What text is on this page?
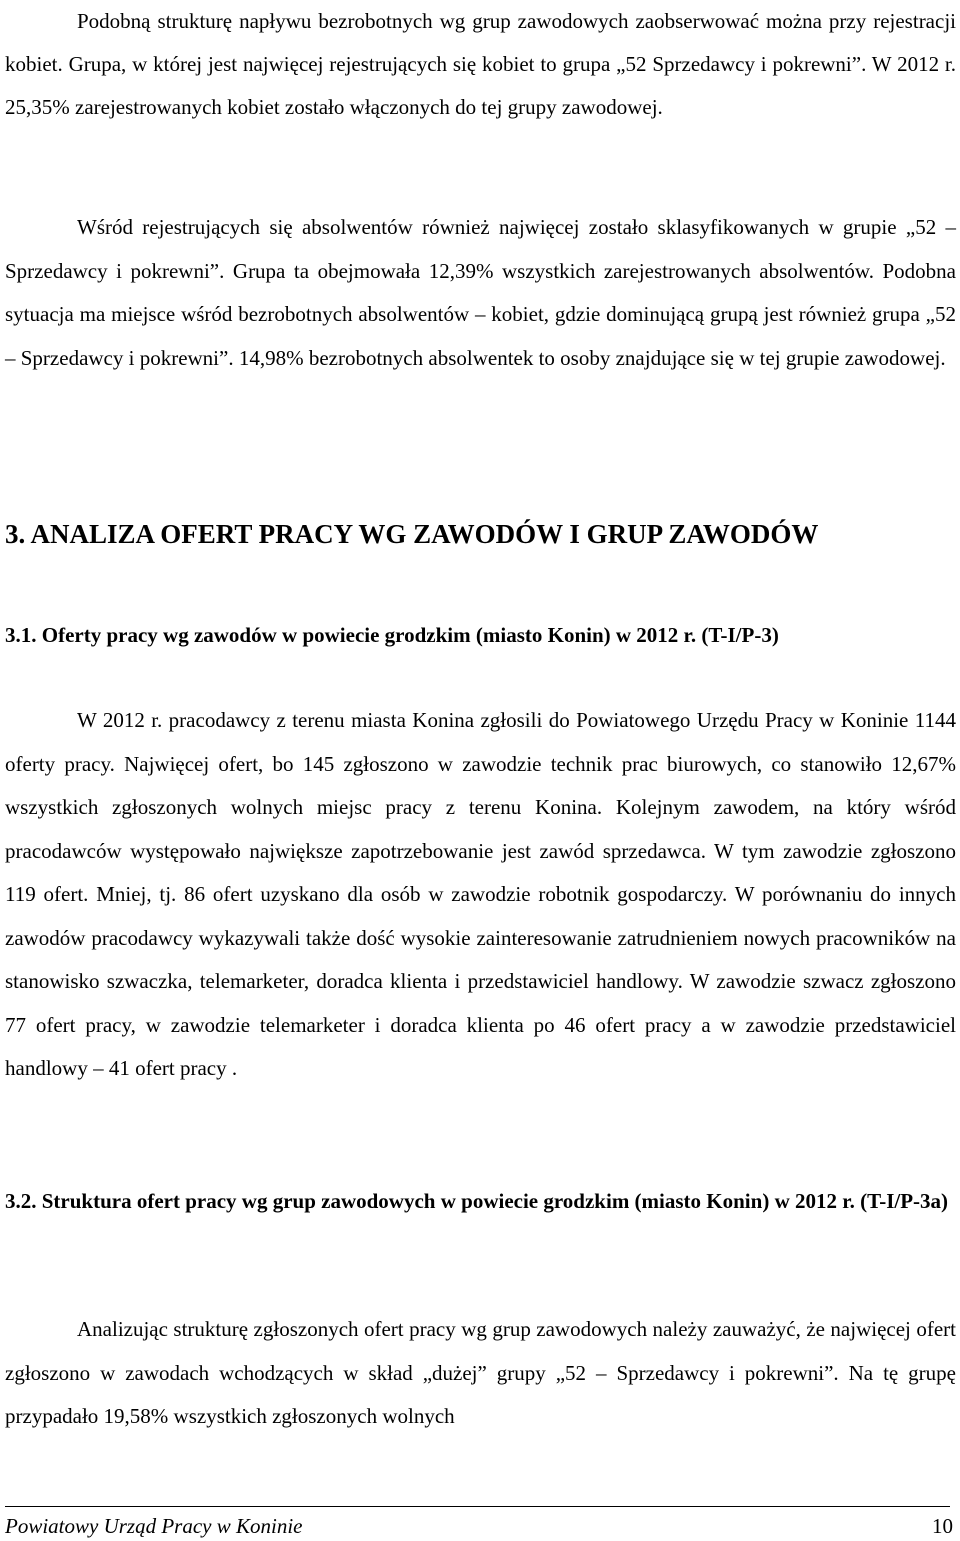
Podobną strukturę napływu bezrobotnych wg grup zawodowych zaobserwować można przy rejestracji kobiet. Grupa, w której jest najwięcej rejestrujących się kobiet to grupa „52 Sprzedawcy i pokrewni”. W 2012 r. 25,35% zarejestrowanych kobiet zostało włączonych do tej grupy zawodowej.

Wśród rejestrujących się absolwentów również najwięcej zostało sklasyfikowanych w grupie „52 – Sprzedawcy i pokrewni”. Grupa ta obejmowała 12,39% wszystkich zarejestrowanych absolwentów. Podobna sytuacja ma miejsce wśród bezrobotnych absolwentów – kobiet, gdzie dominującą grupą jest również grupa „52 – Sprzedawcy i pokrewni”. 14,98% bezrobotnych absolwentek to osoby znajdujące się w tej grupie zawodowej.

3. ANALIZA OFERT PRACY WG ZAWODÓW I GRUP ZAWODÓW
3.1. Oferty pracy wg zawodów w powiecie grodzkim (miasto Konin) w 2012 r. (T-I/P-3)

W 2012 r. pracodawcy z terenu miasta Konina zgłosili do Powiatowego Urzędu Pracy w Koninie 1144 oferty pracy. Najwięcej ofert, bo 145 zgłoszono w zawodzie technik prac biurowych, co stanowiło 12,67% wszystkich zgłoszonych wolnych miejsc pracy z terenu Konina. Kolejnym zawodem, na który wśród pracodawców występowało największe zapotrzebowanie jest zawód sprzedawca. W tym zawodzie zgłoszono 119 ofert. Mniej, tj. 86 ofert uzyskano dla osób w zawodzie robotnik gospodarczy. W porównaniu do innych zawodów pracodawcy wykazywali także dość wysokie zainteresowanie zatrudnieniem nowych pracowników na stanowisko szwaczka, telemarketer, doradca klienta i przedstawiciel handlowy. W zawodzie szwacz zgłoszono 77 ofert pracy, w zawodzie telemarketer i doradca klienta po 46 ofert pracy a w zawodzie przedstawiciel handlowy – 41 ofert pracy .

3.2. Struktura ofert pracy wg grup zawodowych w powiecie grodzkim (miasto Konin) w 2012 r. (T-I/P-3a)

Analizując strukturę zgłoszonych ofert pracy wg grup zawodowych należy zauważyć, że najwięcej ofert zgłoszono w zawodach wchodzących w skład „dużej” grupy „52 – Sprzedawcy i pokrewni”. Na tę grupę przypadało 19,58% wszystkich zgłoszonych wolnych

Powiatowy Urząd Pracy w Koninie	10
